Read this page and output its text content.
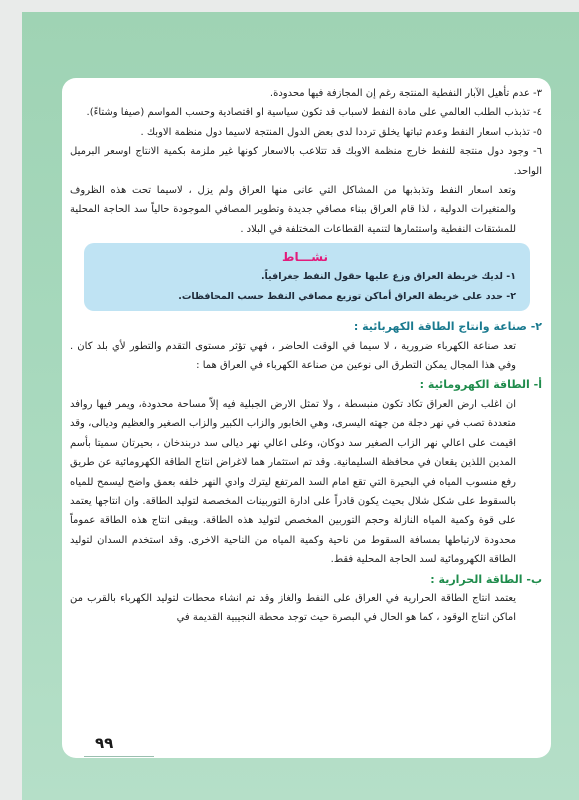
٣- عدم تأهيل الآبار النفطية المنتجة رغم إن المجازفة فيها محدودة.

٤- تذبذب الطلب العالمي على مادة النفط لاسباب قد تكون سياسية او اقتصادية وحسب المواسم (صيفا وشتاءً).

٥- تذبذب اسعار النفط وعدم ثباتها يخلق ترددا لدى بعض الدول المنتجة لاسيما دول منظمة الاوبك .

٦- وجود دول منتجة للنفط خارج منظمة الاوبك قد تتلاعب بالاسعار كونها غير ملزمة بكمية الانتاج اوسعر البرميل الواحد.

وتعد اسعار النفط وتذبذبها من المشاكل التي عانى منها العراق ولم يزل ، لاسيما تحت هذه الظروف والمتغيرات الدولية ، لذا قام العراق ببناء مصافي جديدة وتطوير المصافي الموجودة حالياً سد الحاجة المحلية للمشتقات النفطية واستثمارها لتنمية القطاعات المختلفة في البلاد .

نشـــاط
١- لديك خريطة العراق وزع عليها حقول النفط جغرافياً.
٢- حدد على خريطة العراق أماكن توزيع مصافي النفط حسب المحافظات.

٢- صناعة وانتاج الطاقة الكهربائية :

تعد صناعة الكهرباء ضرورية ، لا سيما في الوقت الحاضر ، فهي تؤثر مستوى التقدم والتطور لأي بلد كان . وفي هذا المجال يمكن التطرق الى نوعين من صناعة الكهرباء في العراق هما :

أ- الطاقة الكهرومائية :

ان اغلب ارض العراق تكاد تكون منبسطة ، ولا تمثل الارض الجبلية فيه إلاّ مساحة محدودة، ويمر فيها روافد متعددة تصب في نهر دجلة من جهته اليسرى، وهي الخابور والزاب الكبير والزاب الصغير والعظيم وديالى، وقد اقيمت على اعالي نهر الزاب الصغير سد دوكان، وعلى اعالي نهر ديالى سد دربندخان ، بحيرتان سميتا بأسم المدين اللذين يقعان في محافظة السليمانية. وقد تم استثمار هما لاغراض انتاج الطاقة الكهرومائية عن طريق رفع منسوب المياه في البحيرة التي تقع امام السد المرتفع ليترك وادي النهر خلفه بعمق واضح ليسمح للمياه بالسقوط على شكل شلال بحيث يكون قادراً على ادارة التوربينات المخصصة لتوليد الطاقة. وان انتاجها يعتمد على قوة وكمية المياه النازلة وحجم التوربين المخصص لتوليد هذه الطاقة. ويبقى انتاج هذه الطاقة عموماً محدودة لارتباطها بمسافة السقوط من ناحية وكمية المياه من الناحية الاخرى. وقد استخدم السدان لتوليد الطاقة الكهرومائية لسد الحاجة المحلية فقط.

ب- الطاقة الحرارية :

يعتمد انتاج الطاقة الحرارية في العراق على النفط والغاز وقد تم انشاء محطات لتوليد الكهرباء بالقرب من اماكن انتاج الوقود ، كما هو الحال في البصرة حيث توجد محطة النجيبية القديمة في

٩٩
